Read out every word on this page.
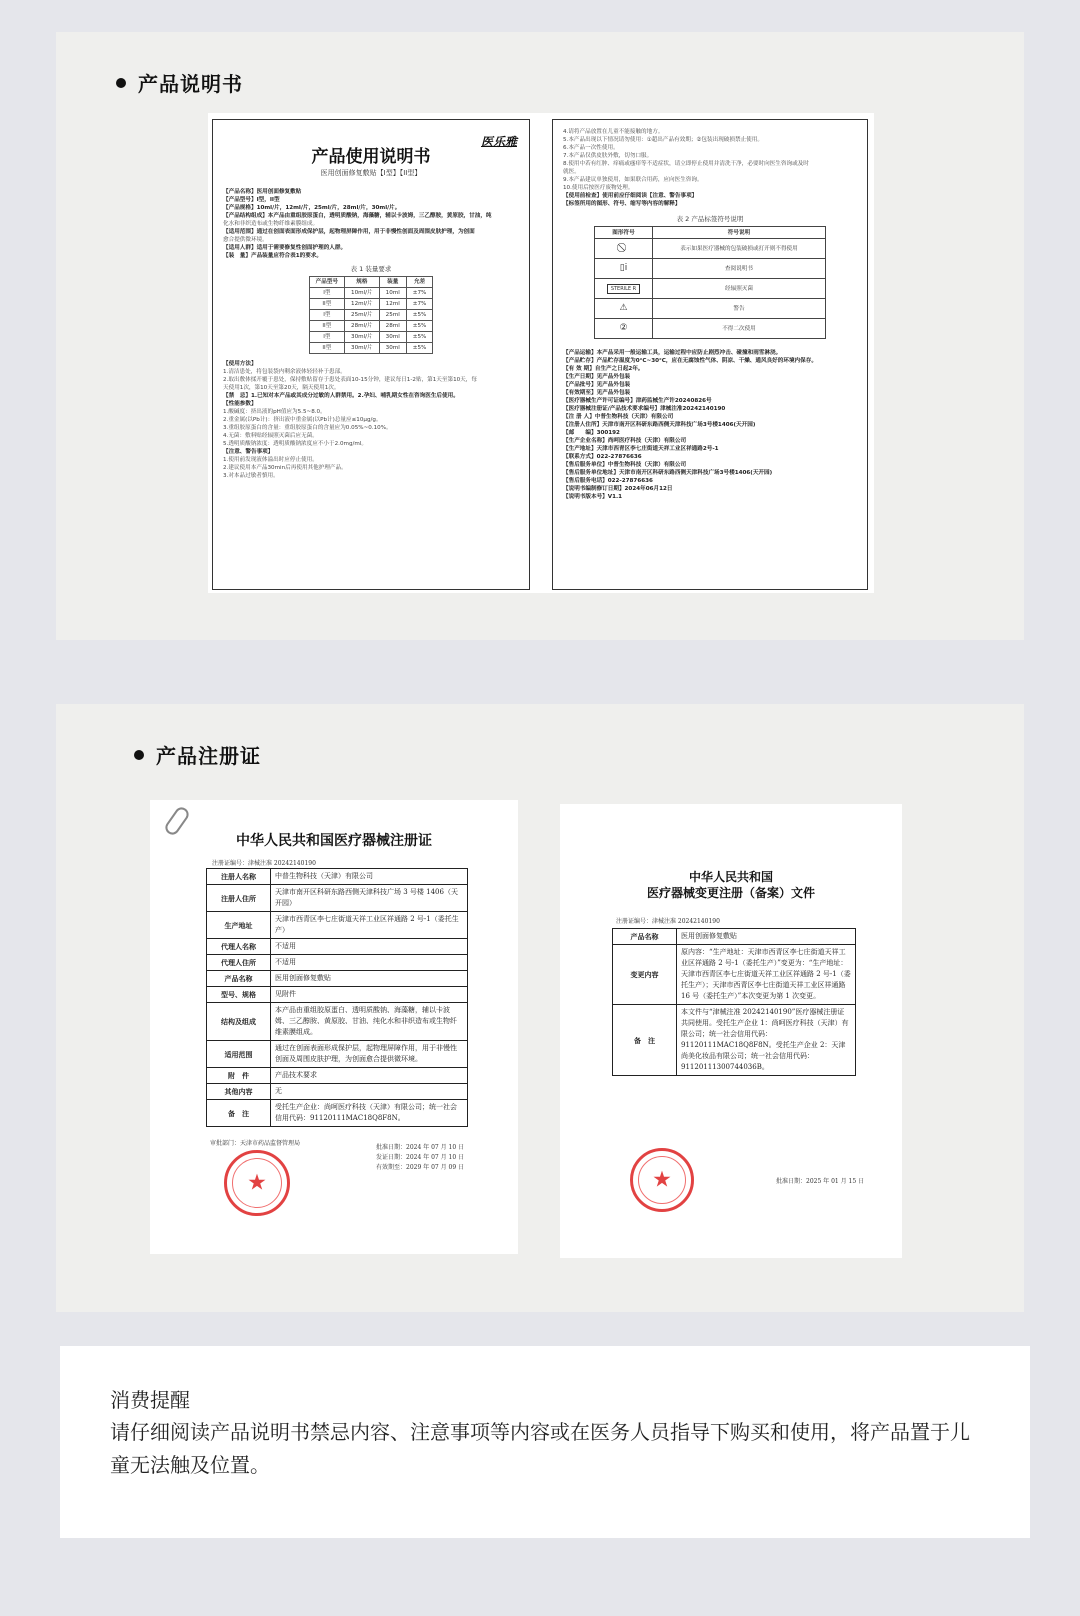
产品说明书
医乐雅
产品使用说明书
医用创面修复敷贴【I型】【II型】
【产品名称】医用创面修复敷贴
【产品型号】I型，II型
【产品规格】10ml/片，12ml/片，25ml/片，28ml/片，30ml/片。
【产品结构组成】本产品由重组胶原蛋白，透明质酸钠，海藻糖，辅以卡波姆，三乙醇胺，黄原胶，甘油，纯
化水和非织造布或生物纤维素膜组成。
【适用范围】通过在创面表面形成保护层，起物理屏障作用，用于非慢性创面及周围皮肤护理，为创面
愈合提供微环境。
【适用人群】适用于需要修复性创面护理的人群。
【装　量】产品装量应符合表1的要求。
表 1 装量要求
产品型号	规格	装量	允差
I型	10ml/片	10ml	±7%
II型	12ml/片	12ml	±7%
I型	25ml/片	25ml	±5%
II型	28ml/片	28ml	±5%
I型	30ml/片	30ml	±5%
II型	30ml/片	30ml	±5%
【使用方法】
1.清洁患处，将包装袋内剩余液体轻轻补于患部。
2.取出敷体揉开覆于患处，保持敷贴留存于患处表面10-15分钟，建议每日1-2贴，第1天至第10天，每
天使用1次，第10天至第20天，隔天使用1次。
【禁　忌】1.已知对本产品或其成分过敏的人群禁用。2.孕妇、哺乳期女性在咨询医生后使用。
【性能参数】
1.酸碱度：挤出液的pH值应为5.5~8.0。
2.重金属(以Pb计)：挤出液中重金属(以Pb计)总量应≤10μg/g。
3.重组胶原蛋白的含量：重组胶原蛋白的含量应为0.05%~0.10%。
4.无菌：敷料贴经辐照灭菌后应无菌。
5.透明质酸钠浓度：透明质酸钠浓度应不小于2.0mg/ml。
【注意、警告事项】
1.使用前发现液体溢出时应停止使用。
2.建议使用本产品30min后再使用其他护理产品。
3.对本品过敏者慎用。
4.请将产品放置在儿童不能接触的地方。
5.本产品出现以下情况请勿使用：①超出产品有效期；②包装出现破损禁止使用。
6.本产品一次性使用。
7.本产品仅供皮肤外敷，切勿口服。
8.使用中若有红肿、痒痛或瘙痒等不适症状，请立即停止使用并清洗干净，必要时向医生咨询或及时
就医。
9.本产品建议单独使用，如果联合用药，应向医生咨询。
10.使用后按医疗废物处理。
【使用前检查】使用前应仔细阅读【注意、警告事项】
【标签所用的图形、符号、缩写等内容的解释】
表 2 产品标签符号说明
图形符号	符号说明
	表示如果医疗器械的包装破损或打开则不得使用
▯i	查阅说明书
STERILE R	经辐照灭菌
⚠	警告
②	不得二次使用
【产品运输】本产品采用一般运输工具，运输过程中应防止剧烈冲击、碰撞和雨雪淋浇。
【产品贮存】产品贮存温度为0°C~30°C，应在无腐蚀性气体、阴凉、干燥、通风良好的环境内保存。
【有 效 期】自生产之日起2年。
【生产日期】见产品外包装
【产品批号】见产品外包装
【有效期至】见产品外包装
【医疗器械生产许可证编号】津药监械生产许20240826号
【医疗器械注册证/产品技术要求编号】津械注准20242140190
【注 册 人】中普生物科技（天津）有限公司
【注册人住所】天津市南开区科研东路西侧天津科技广场3号楼1406(天开园)
【邮　　编】300192
【生产企业名称】尚呵医疗科技（天津）有限公司
【生产地址】天津市西青区李七庄街道天祥工业区祥通路2号-1
【联系方式】022-27876636
【售后服务单位】中普生物科技（天津）有限公司
【售后服务单位地址】天津市南开区科研东路西侧天津科技广场3号楼1406(天开园)
【售后服务电话】022-27876636
【说明书编制修订日期】2024年06月12日
【说明书版本号】V1.1
产品注册证
中华人民共和国医疗器械注册证
注册证编号：津械注准 20242140190
注册人名称	中普生物科技（天津）有限公司
注册人住所	天津市南开区科研东路西侧天津科技广场 3 号楼 1406（天开园）
生产地址	天津市西青区李七庄街道天祥工业区祥通路 2 号-1（委托生产）
代理人名称	不适用
代理人住所	不适用
产品名称	医用创面修复敷贴
型号、规格	见附件
结构及组成	本产品由重组胶原蛋白、透明质酸钠、海藻糖，辅以卡波姆、三乙醇胺、黄原胶、甘油、纯化水和非织造布或生物纤维素膜组成。
适用范围	通过在创面表面形成保护层，起物理屏障作用，用于非慢性创面及周围皮肤护理，为创面愈合提供微环境。
附　件	产品技术要求
其他内容	无
备　注	受托生产企业：尚呵医疗科技（天津）有限公司；统一社会信用代码：91120111MAC18Q8F8N。
审批部门：天津市药品监督管理局
批准日期：2024 年 07 月 10 日
发证日期：2024 年 07 月 10 日
有效期至：2029 年 07 月 09 日
★
中华人民共和国
医疗器械变更注册（备案）文件
注册证编号：津械注准 20242140190
产品名称	医用创面修复敷贴
变更内容	原内容：“生产地址：天津市西青区李七庄街道天祥工业区祥通路 2 号-1（委托生产）”变更为：“生产地址：天津市西青区李七庄街道天祥工业区祥通路 2 号-1（委托生产）；天津市西青区李七庄街道天祥工业区祥通路 16 号（委托生产）”本次变更为第 1 次变更。
备　注	本文件与“津械注准 20242140190”医疗器械注册证共同使用。受托生产企业 1：尚呵医疗科技（天津）有限公司；统一社会信用代码：91120111MAC18Q8F8N。受托生产企业 2：天津尚美化妆品有限公司；统一社会信用代码：91120111300744036B。
批准日期：2025 年 01 月 15 日
★
消费提醒
请仔细阅读产品说明书禁忌内容、注意事项等内容或在医务人员指导下购买和使用，将产品置于儿童无法触及位置。
